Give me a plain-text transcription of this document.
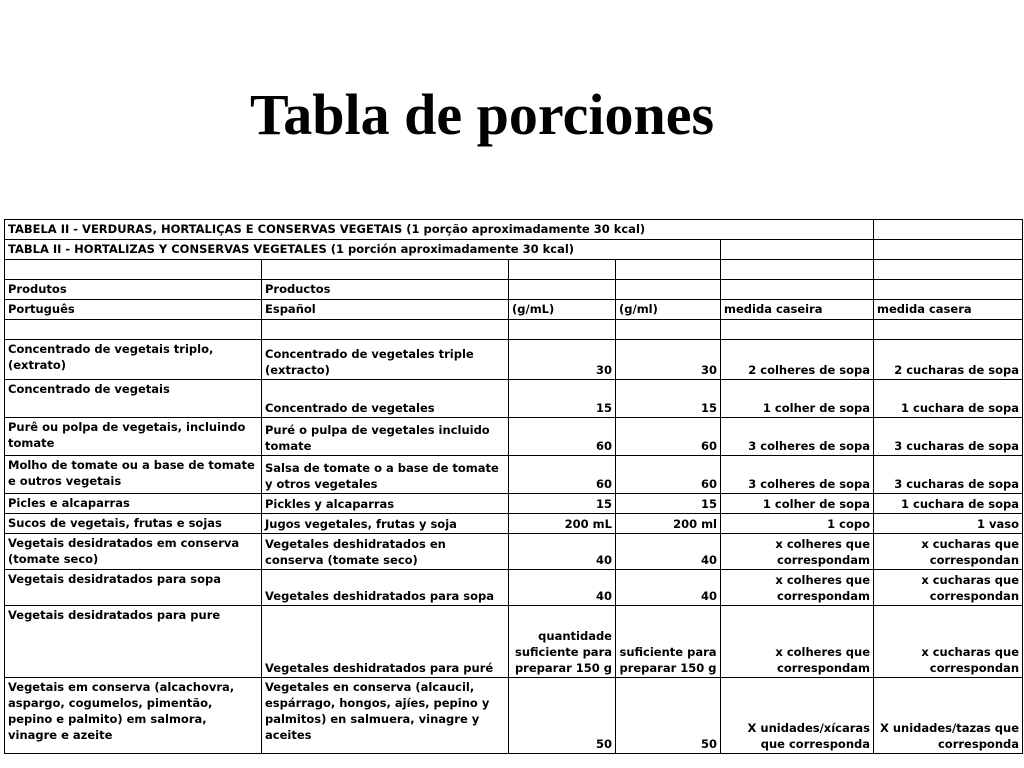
Tabla de porciones
TABELA II - VERDURAS, HORTALIÇAS E CONSERVAS VEGETAIS (1 porção aproximadamente 30 kcal)					
TABLA II - HORTALIZAS Y CONSERVAS VEGETALES (1 porción aproximadamente 30 kcal)					

Produtos	Productos				
Português	Español	(g/mL)	(g/ml)	medida caseira	medida casera

Concentrado de vegetais triplo, (extrato)	Concentrado de vegetales triple (extracto)	30	30	2 colheres de sopa	2 cucharas de sopa
Concentrado de vegetais	Concentrado de vegetales	15	15	1 colher de sopa	1 cuchara de sopa
Purê ou polpa de vegetais, incluindo tomate	Puré o pulpa de vegetales incluido tomate	60	60	3 colheres de sopa	3 cucharas de sopa
Molho de tomate ou a base de tomate e outros vegetais	Salsa de tomate o a base de tomate y otros vegetales	60	60	3 colheres de sopa	3 cucharas de sopa
Picles e alcaparras	Pickles y alcaparras	15	15	1 colher de sopa	1 cuchara de sopa
Sucos de vegetais, frutas e sojas	Jugos vegetales, frutas y soja	200 mL	200 ml	1 copo	1 vaso
Vegetais desidratados em conserva (tomate seco)	Vegetales deshidratados en conserva (tomate seco)	40	40	x colheres que correspondam	x cucharas que correspondan
Vegetais desidratados para sopa	Vegetales deshidratados para sopa	40	40	x colheres que correspondam	x cucharas que correspondan
Vegetais desidratados para pure	Vegetales deshidratados para puré	quantidade suficiente para preparar 150 g	suficiente para preparar 150 g	x colheres que correspondam	x cucharas que correspondan
Vegetais em conserva (alcachovra, aspargo, cogumelos, pimentão, pepino e palmito) em salmora, vinagre e azeite	Vegetales en conserva (alcaucil, espárrago, hongos, ajíes, pepino y palmitos) en salmuera, vinagre y aceites	50	50	X unidades/xícaras que corresponda	X unidades/tazas que corresponda
